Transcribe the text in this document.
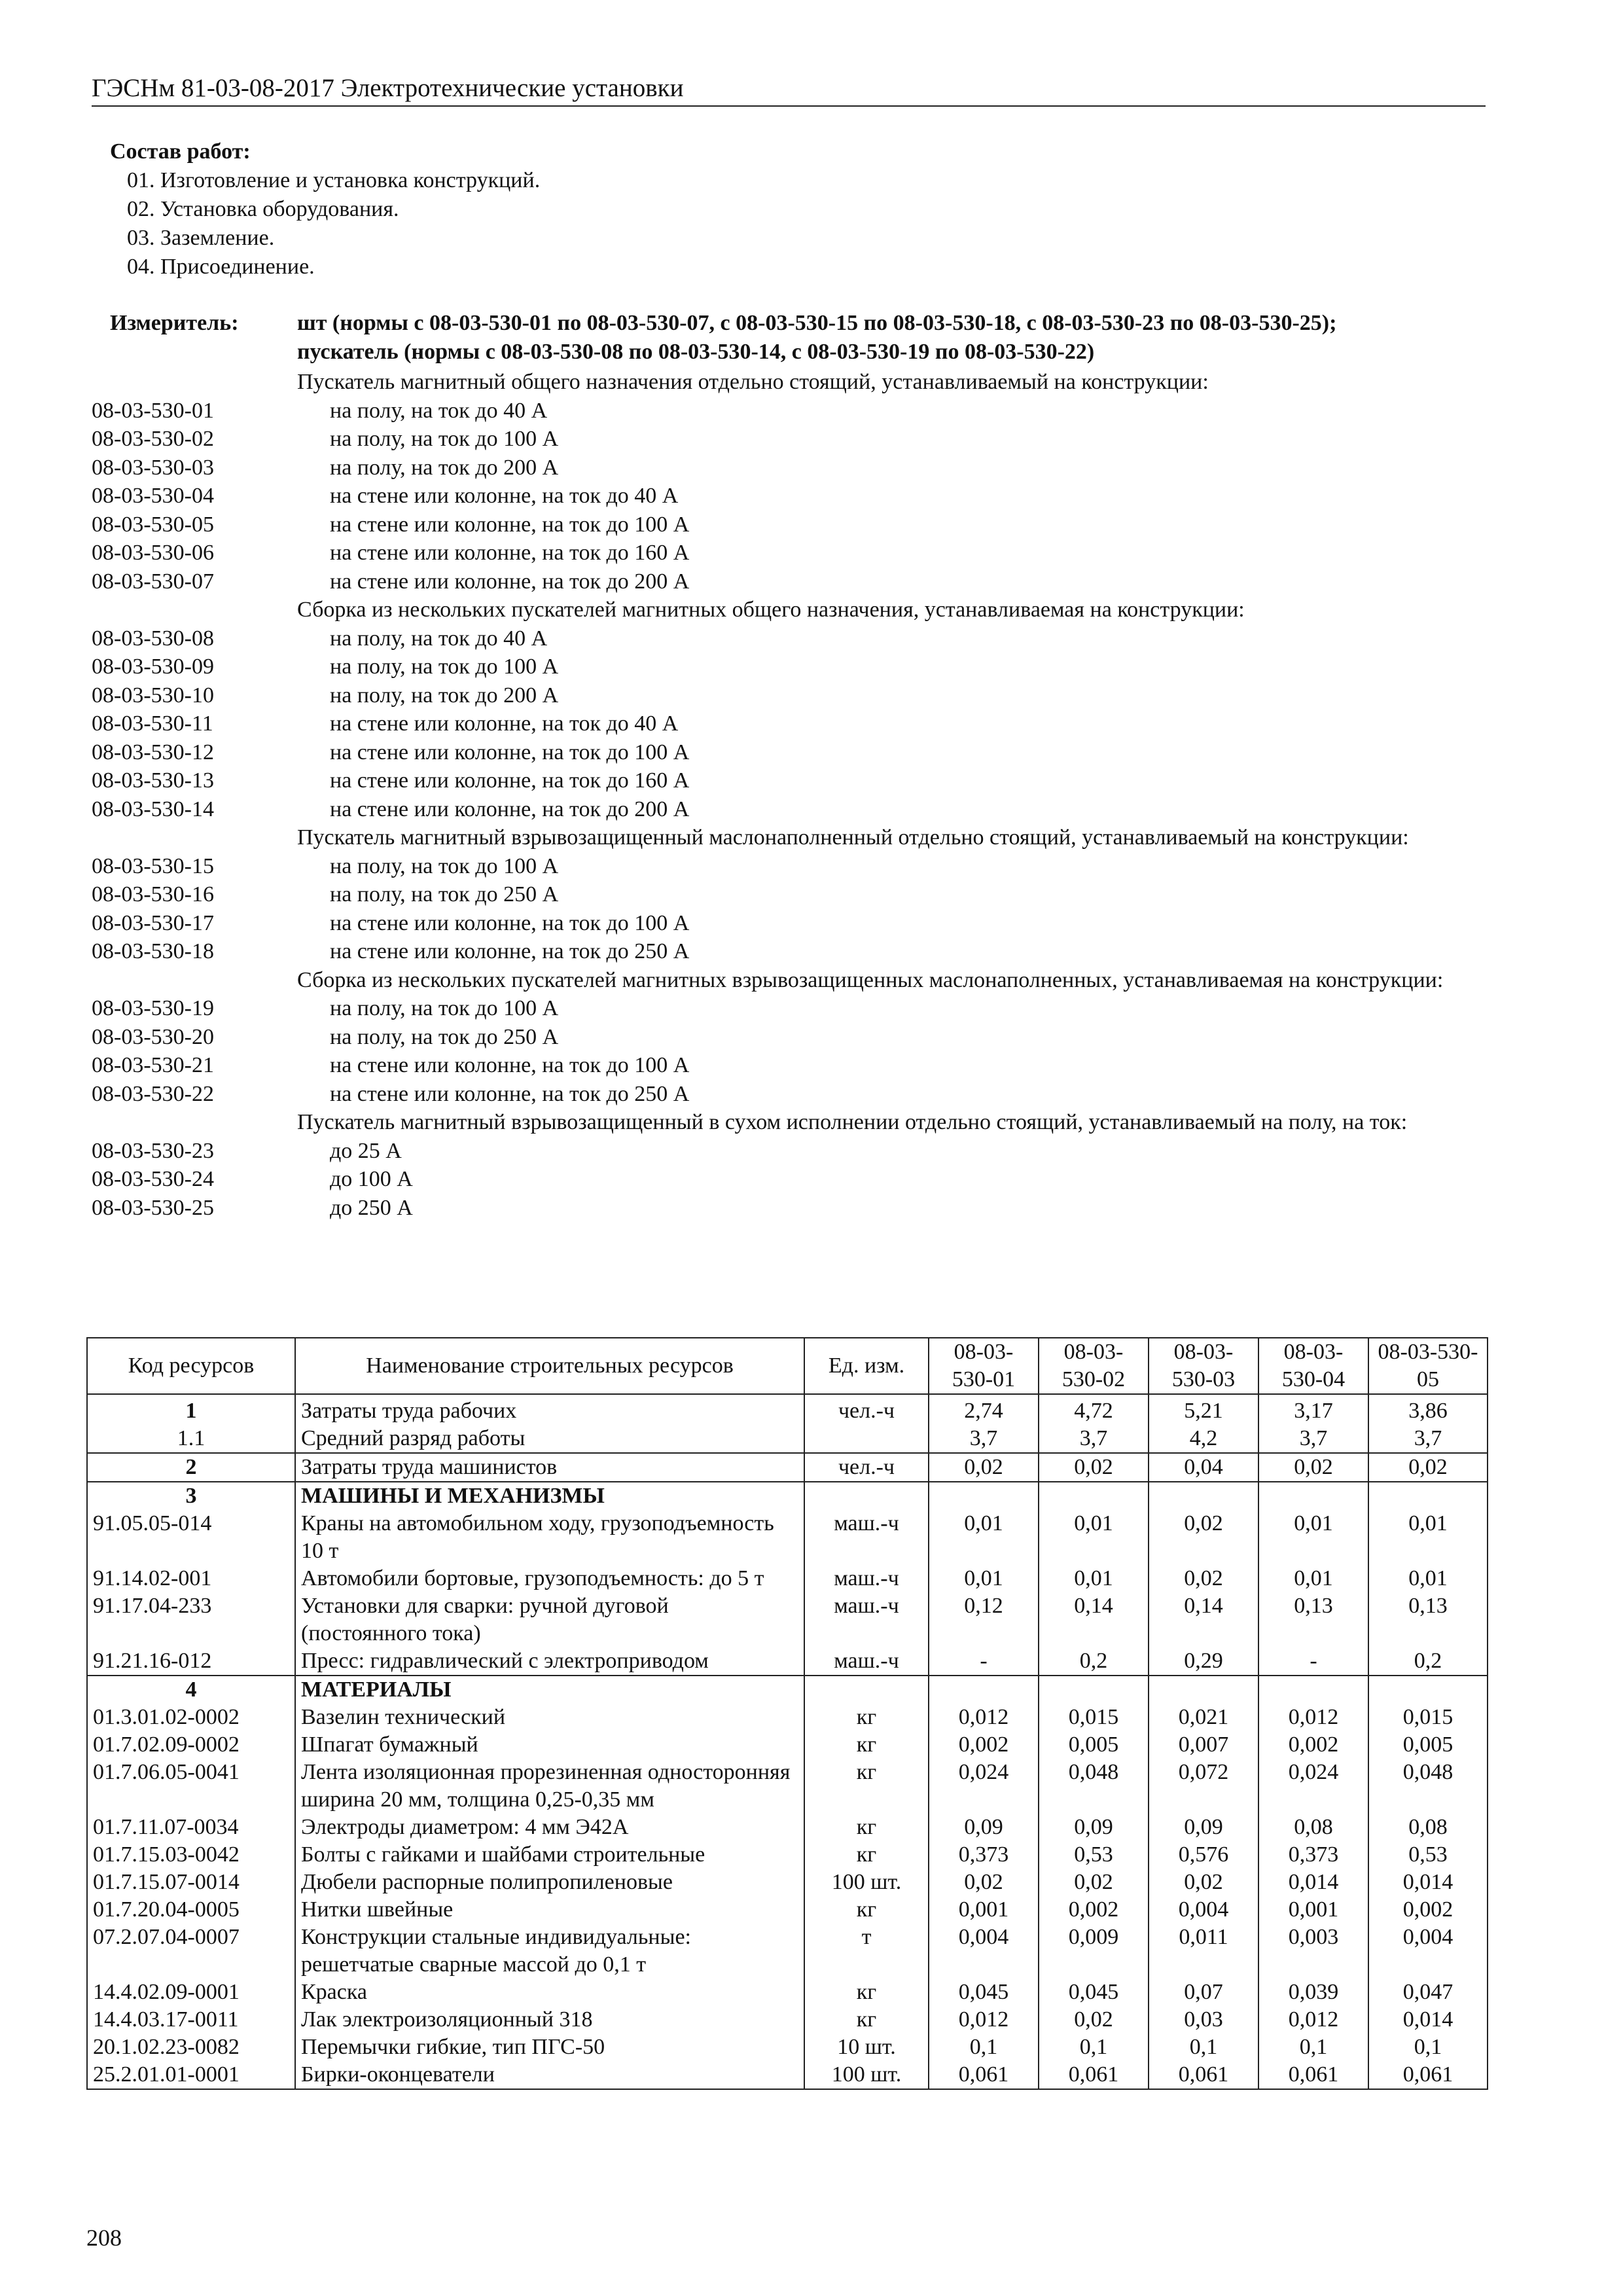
ГЭСНм 81-03-08-2017 Электротехнические установки
Состав работ:
01. Изготовление и установка конструкций.
02. Установка оборудования.
03. Заземление.
04. Присоединение.
Измеритель:	шт (нормы с 08-03-530-01 по 08-03-530-07, с 08-03-530-15 по 08-03-530-18, с 08-03-530-23 по 08-03-530-25);
пускатель (нормы с 08-03-530-08 по 08-03-530-14, с 08-03-530-19 по 08-03-530-22)
Пускатель магнитный общего назначения отдельно стоящий, устанавливаемый на конструкции:
08-03-530-01	на полу, на ток до 40 А
08-03-530-02	на полу, на ток до 100 А
08-03-530-03	на полу, на ток до 200 А
08-03-530-04	на стене или колонне, на ток до 40 А
08-03-530-05	на стене или колонне, на ток до 100 А
08-03-530-06	на стене или колонне, на ток до 160 А
08-03-530-07	на стене или колонне, на ток до 200 А
Сборка из нескольких пускателей магнитных общего назначения, устанавливаемая на конструкции:
08-03-530-08	на полу, на ток до 40 А
08-03-530-09	на полу, на ток до 100 А
08-03-530-10	на полу, на ток до 200 А
08-03-530-11	на стене или колонне, на ток до 40 А
08-03-530-12	на стене или колонне, на ток до 100 А
08-03-530-13	на стене или колонне, на ток до 160 А
08-03-530-14	на стене или колонне, на ток до 200 А
Пускатель магнитный взрывозащищенный маслонаполненный отдельно стоящий, устанавливаемый на конструкции:
08-03-530-15	на полу, на ток до 100 А
08-03-530-16	на полу, на ток до 250 А
08-03-530-17	на стене или колонне, на ток до 100 А
08-03-530-18	на стене или колонне, на ток до 250 А
Сборка из нескольких пускателей магнитных взрывозащищенных маслонаполненных, устанавливаемая на конструкции:
08-03-530-19	на полу, на ток до 100 А
08-03-530-20	на полу, на ток до 250 А
08-03-530-21	на стене или колонне, на ток до 100 А
08-03-530-22	на стене или колонне, на ток до 250 А
Пускатель магнитный взрывозащищенный в сухом исполнении отдельно стоящий, устанавливаемый на полу, на ток:
08-03-530-23	до 25 А
08-03-530-24	до 100 А
08-03-530-25	до 250 А
Код ресурсов	Наименование строительных ресурсов	Ед. изм.	08-03-530-01	08-03-530-02	08-03-530-03	08-03-530-04	08-03-530-05
1	Затраты труда рабочих	чел.-ч	2,74	4,72	5,21	3,17	3,86
1.1	Средний разряд работы		3,7	3,7	4,2	3,7	3,7
2	Затраты труда машинистов	чел.-ч	0,02	0,02	0,04	0,02	0,02
3	МАШИНЫ И МЕХАНИЗМЫ						
91.05.05-014	Краны на автомобильном ходу, грузоподъемность 10 т	маш.-ч	0,01	0,01	0,02	0,01	0,01
91.14.02-001	Автомобили бортовые, грузоподъемность: до 5 т	маш.-ч	0,01	0,01	0,02	0,01	0,01
91.17.04-233	Установки для сварки: ручной дуговой (постоянного тока)	маш.-ч	0,12	0,14	0,14	0,13	0,13
91.21.16-012	Пресс: гидравлический с электроприводом	маш.-ч	-	0,2	0,29	-	0,2
4	МАТЕРИАЛЫ						
01.3.01.02-0002	Вазелин технический	кг	0,012	0,015	0,021	0,012	0,015
01.7.02.09-0002	Шпагат бумажный	кг	0,002	0,005	0,007	0,002	0,005
01.7.06.05-0041	Лента изоляционная прорезиненная односторонняя ширина 20 мм, толщина 0,25-0,35 мм	кг	0,024	0,048	0,072	0,024	0,048
01.7.11.07-0034	Электроды диаметром: 4 мм Э42А	кг	0,09	0,09	0,09	0,08	0,08
01.7.15.03-0042	Болты с гайками и шайбами строительные	кг	0,373	0,53	0,576	0,373	0,53
01.7.15.07-0014	Дюбели распорные полипропиленовые	100 шт.	0,02	0,02	0,02	0,014	0,014
01.7.20.04-0005	Нитки швейные	кг	0,001	0,002	0,004	0,001	0,002
07.2.07.04-0007	Конструкции стальные индивидуальные: решетчатые сварные массой до 0,1 т	т	0,004	0,009	0,011	0,003	0,004
14.4.02.09-0001	Краска	кг	0,045	0,045	0,07	0,039	0,047
14.4.03.17-0011	Лак электроизоляционный 318	кг	0,012	0,02	0,03	0,012	0,014
20.1.02.23-0082	Перемычки гибкие, тип ПГС-50	10 шт.	0,1	0,1	0,1	0,1	0,1
25.2.01.01-0001	Бирки-оконцеватели	100 шт.	0,061	0,061	0,061	0,061	0,061
208
